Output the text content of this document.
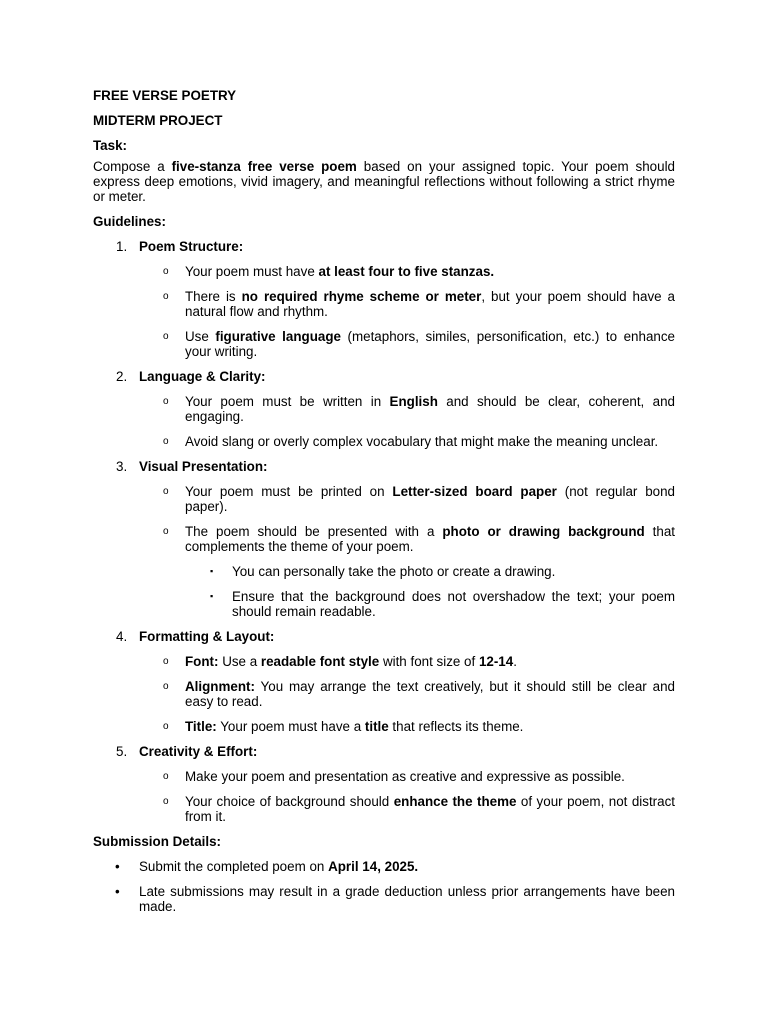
FREE VERSE POETRY
MIDTERM PROJECT
Task:

Compose a five-stanza free verse poem based on your assigned topic. Your poem should express deep emotions, vivid imagery, and meaningful reflections without following a strict rhyme or meter.

Guidelines:
1. Poem Structure:
o Your poem must have at least four to five stanzas.
o There is no required rhyme scheme or meter, but your poem should have a natural flow and rhythm.
o Use figurative language (metaphors, similes, personification, etc.) to enhance your writing.
2. Language & Clarity:
o Your poem must be written in English and should be clear, coherent, and engaging.
o Avoid slang or overly complex vocabulary that might make the meaning unclear.
3. Visual Presentation:
o Your poem must be printed on Letter-sized board paper (not regular bond paper).
o The poem should be presented with a photo or drawing background that complements the theme of your poem.
▪ You can personally take the photo or create a drawing.
▪ Ensure that the background does not overshadow the text; your poem should remain readable.
4. Formatting & Layout:
o Font: Use a readable font style with font size of 12-14.
o Alignment: You may arrange the text creatively, but it should still be clear and easy to read.
o Title: Your poem must have a title that reflects its theme.
5. Creativity & Effort:
o Make your poem and presentation as creative and expressive as possible.
o Your choice of background should enhance the theme of your poem, not distract from it.
Submission Details:
• Submit the completed poem on April 14, 2025.
• Late submissions may result in a grade deduction unless prior arrangements have been made.
